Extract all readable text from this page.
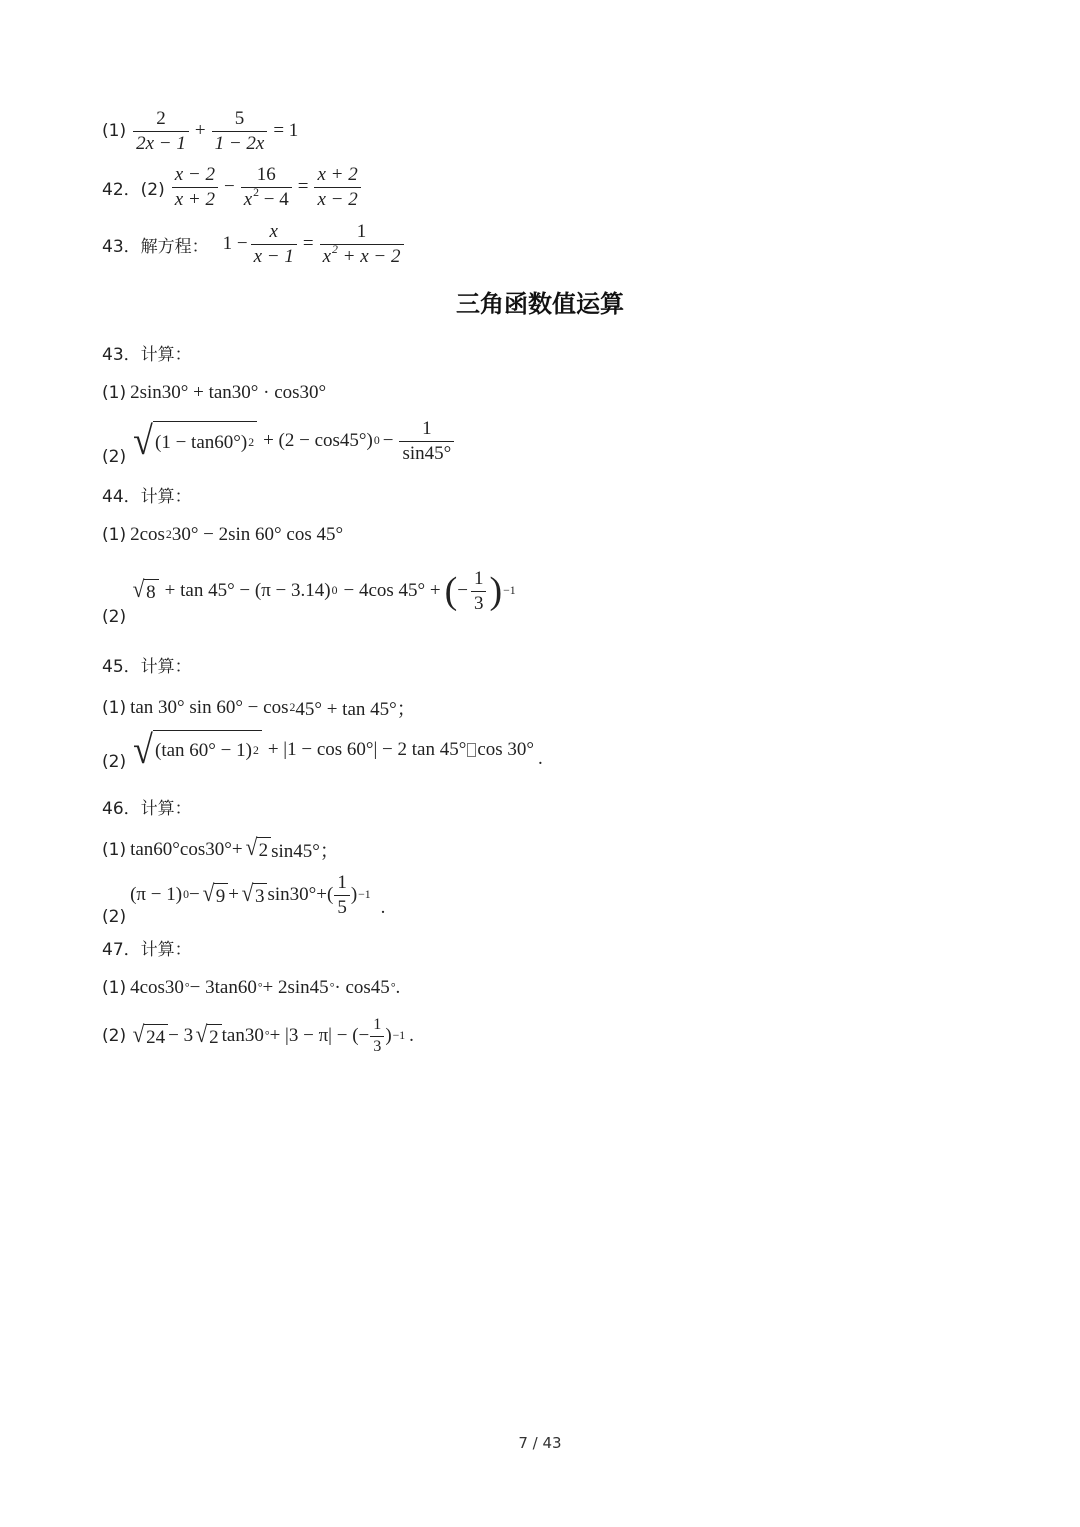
$(1) \frac{2}{2x - 1} + \frac{5}{1 - 2x} = 1$
42．$(2) \frac{x - 2}{x + 2} - \frac{16}{x^2 - 4} = \frac{x + 2}{x - 2}$
43．解方程： $1 - \frac{x}{x - 1} = \frac{1}{x^2 + x - 2}$
三角函数值运算
43．计算：
(1) 2sin30° + tan30° · cos30°
(2) √ (1 − tan60°) 2 + (2 − cos45°) $0 - \frac{1}{\sin 45^\circ}$
44．计算：
(1) 2cos 2 30° − 2sin 60° cos 45°
(2)
√ 8 + tan 45° − (π − 3.14) 0 − 4cos 45° + ( − $\frac{1}{3}$ ) −1
45．计算：
(1) tan 30° sin 60° − cos 2 45° + tan 45°；
(2) √ (tan 60° − 1) 2 + |1 − cos 60°| − 2 tan 45° cos 30° .
46．计算：
(1) tan60°cos30°+ √ 2 sin45°；
(2)
(π − 1) 0 − √ 9 + √ 3 $\sin 30^\circ+( \frac{1}{5}$ ) −1
.
47．计算：
(1) 4cos30 ° − 3tan60 ° + 2sin45 ° · cos45 ° .
(2) √ 24 − 3 √ 2 tan30 ° + |3 − π| − (− $\frac{1}{3}$ ) −1 .
7 / 43
